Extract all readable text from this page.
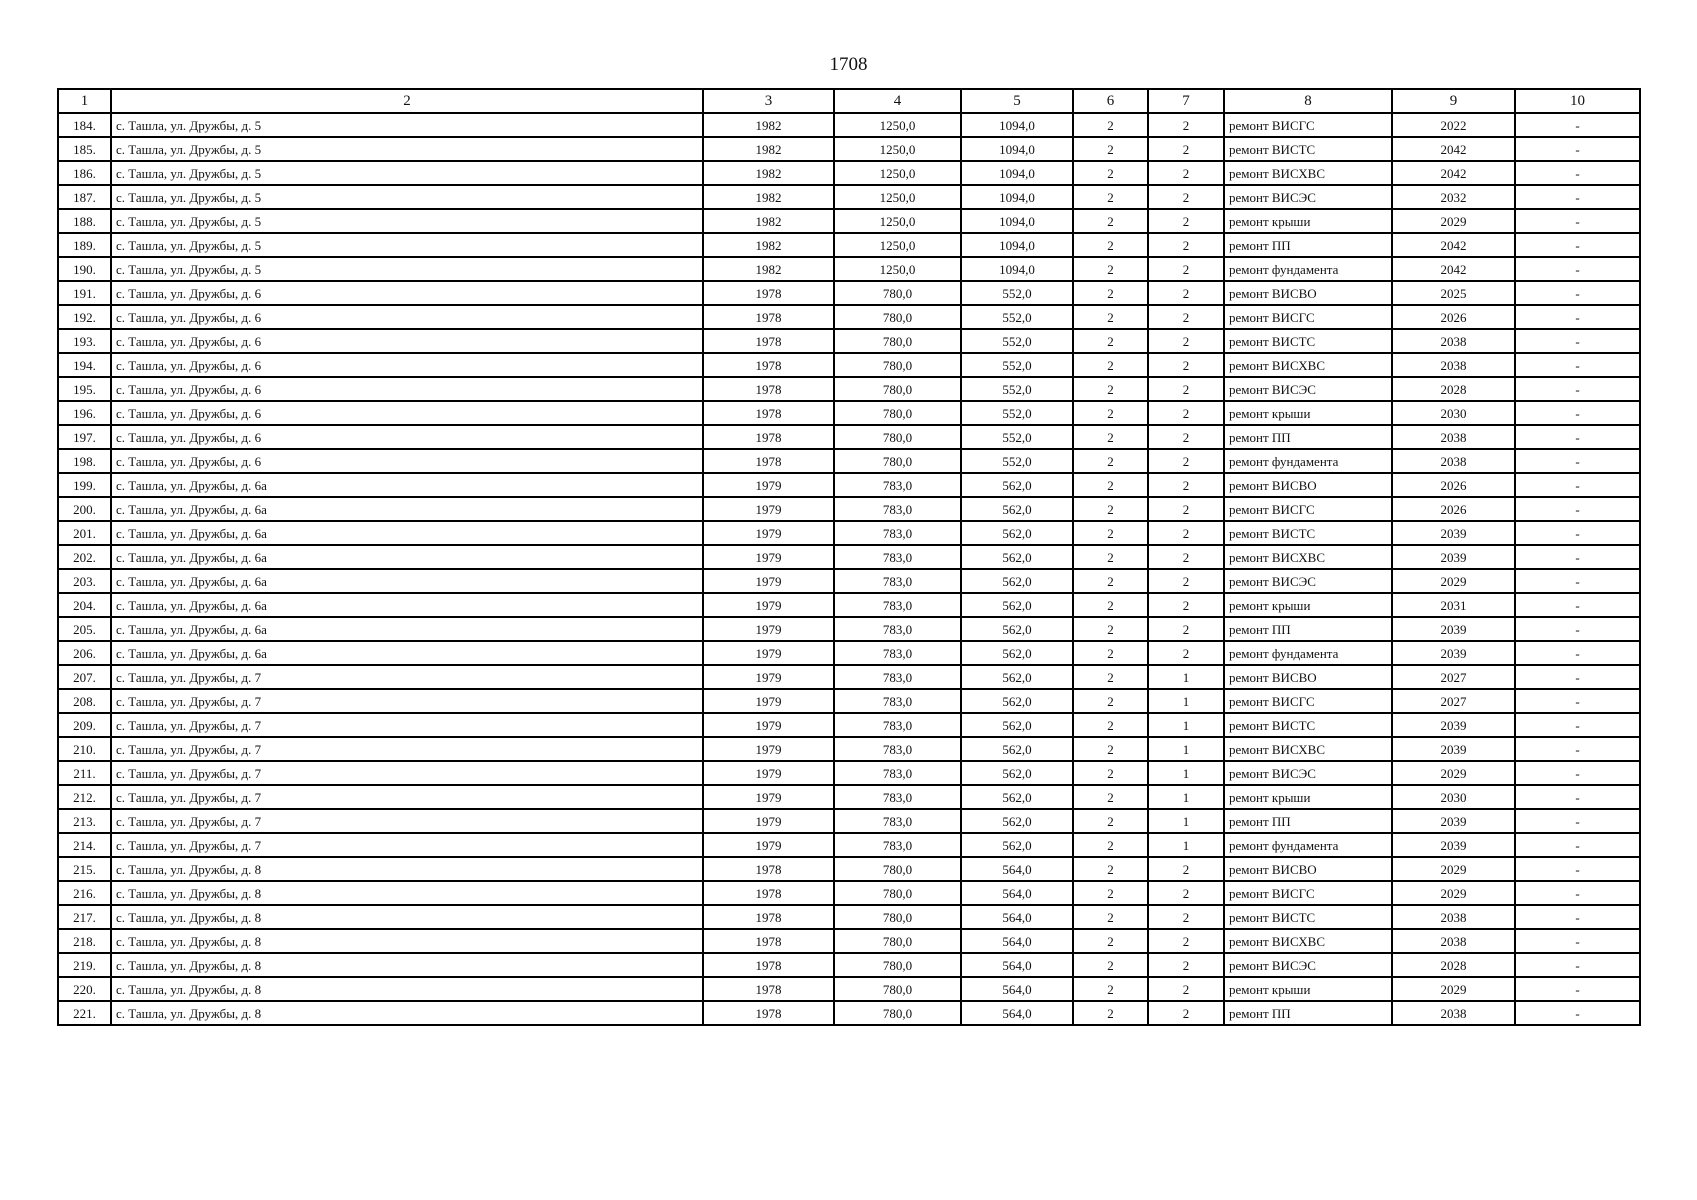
1708
1	2	3	4	5	6	7	8	9	10
184.	с. Ташла, ул. Дружбы, д. 5	1982	1250,0	1094,0	2	2	ремонт ВИСГС	2022	-
185.	с. Ташла, ул. Дружбы, д. 5	1982	1250,0	1094,0	2	2	ремонт ВИСТС	2042	-
186.	с. Ташла, ул. Дружбы, д. 5	1982	1250,0	1094,0	2	2	ремонт ВИСХВС	2042	-
187.	с. Ташла, ул. Дружбы, д. 5	1982	1250,0	1094,0	2	2	ремонт ВИСЭС	2032	-
188.	с. Ташла, ул. Дружбы, д. 5	1982	1250,0	1094,0	2	2	ремонт крыши	2029	-
189.	с. Ташла, ул. Дружбы, д. 5	1982	1250,0	1094,0	2	2	ремонт ПП	2042	-
190.	с. Ташла, ул. Дружбы, д. 5	1982	1250,0	1094,0	2	2	ремонт фундамента	2042	-
191.	с. Ташла, ул. Дружбы, д. 6	1978	780,0	552,0	2	2	ремонт ВИСВО	2025	-
192.	с. Ташла, ул. Дружбы, д. 6	1978	780,0	552,0	2	2	ремонт ВИСГС	2026	-
193.	с. Ташла, ул. Дружбы, д. 6	1978	780,0	552,0	2	2	ремонт ВИСТС	2038	-
194.	с. Ташла, ул. Дружбы, д. 6	1978	780,0	552,0	2	2	ремонт ВИСХВС	2038	-
195.	с. Ташла, ул. Дружбы, д. 6	1978	780,0	552,0	2	2	ремонт ВИСЭС	2028	-
196.	с. Ташла, ул. Дружбы, д. 6	1978	780,0	552,0	2	2	ремонт крыши	2030	-
197.	с. Ташла, ул. Дружбы, д. 6	1978	780,0	552,0	2	2	ремонт ПП	2038	-
198.	с. Ташла, ул. Дружбы, д. 6	1978	780,0	552,0	2	2	ремонт фундамента	2038	-
199.	с. Ташла, ул. Дружбы, д. 6а	1979	783,0	562,0	2	2	ремонт ВИСВО	2026	-
200.	с. Ташла, ул. Дружбы, д. 6а	1979	783,0	562,0	2	2	ремонт ВИСГС	2026	-
201.	с. Ташла, ул. Дружбы, д. 6а	1979	783,0	562,0	2	2	ремонт ВИСТС	2039	-
202.	с. Ташла, ул. Дружбы, д. 6а	1979	783,0	562,0	2	2	ремонт ВИСХВС	2039	-
203.	с. Ташла, ул. Дружбы, д. 6а	1979	783,0	562,0	2	2	ремонт ВИСЭС	2029	-
204.	с. Ташла, ул. Дружбы, д. 6а	1979	783,0	562,0	2	2	ремонт крыши	2031	-
205.	с. Ташла, ул. Дружбы, д. 6а	1979	783,0	562,0	2	2	ремонт ПП	2039	-
206.	с. Ташла, ул. Дружбы, д. 6а	1979	783,0	562,0	2	2	ремонт фундамента	2039	-
207.	с. Ташла, ул. Дружбы, д. 7	1979	783,0	562,0	2	1	ремонт ВИСВО	2027	-
208.	с. Ташла, ул. Дружбы, д. 7	1979	783,0	562,0	2	1	ремонт ВИСГС	2027	-
209.	с. Ташла, ул. Дружбы, д. 7	1979	783,0	562,0	2	1	ремонт ВИСТС	2039	-
210.	с. Ташла, ул. Дружбы, д. 7	1979	783,0	562,0	2	1	ремонт ВИСХВС	2039	-
211.	с. Ташла, ул. Дружбы, д. 7	1979	783,0	562,0	2	1	ремонт ВИСЭС	2029	-
212.	с. Ташла, ул. Дружбы, д. 7	1979	783,0	562,0	2	1	ремонт крыши	2030	-
213.	с. Ташла, ул. Дружбы, д. 7	1979	783,0	562,0	2	1	ремонт ПП	2039	-
214.	с. Ташла, ул. Дружбы, д. 7	1979	783,0	562,0	2	1	ремонт фундамента	2039	-
215.	с. Ташла, ул. Дружбы, д. 8	1978	780,0	564,0	2	2	ремонт ВИСВО	2029	-
216.	с. Ташла, ул. Дружбы, д. 8	1978	780,0	564,0	2	2	ремонт ВИСГС	2029	-
217.	с. Ташла, ул. Дружбы, д. 8	1978	780,0	564,0	2	2	ремонт ВИСТС	2038	-
218.	с. Ташла, ул. Дружбы, д. 8	1978	780,0	564,0	2	2	ремонт ВИСХВС	2038	-
219.	с. Ташла, ул. Дружбы, д. 8	1978	780,0	564,0	2	2	ремонт ВИСЭС	2028	-
220.	с. Ташла, ул. Дружбы, д. 8	1978	780,0	564,0	2	2	ремонт крыши	2029	-
221.	с. Ташла, ул. Дружбы, д. 8	1978	780,0	564,0	2	2	ремонт ПП	2038	-
